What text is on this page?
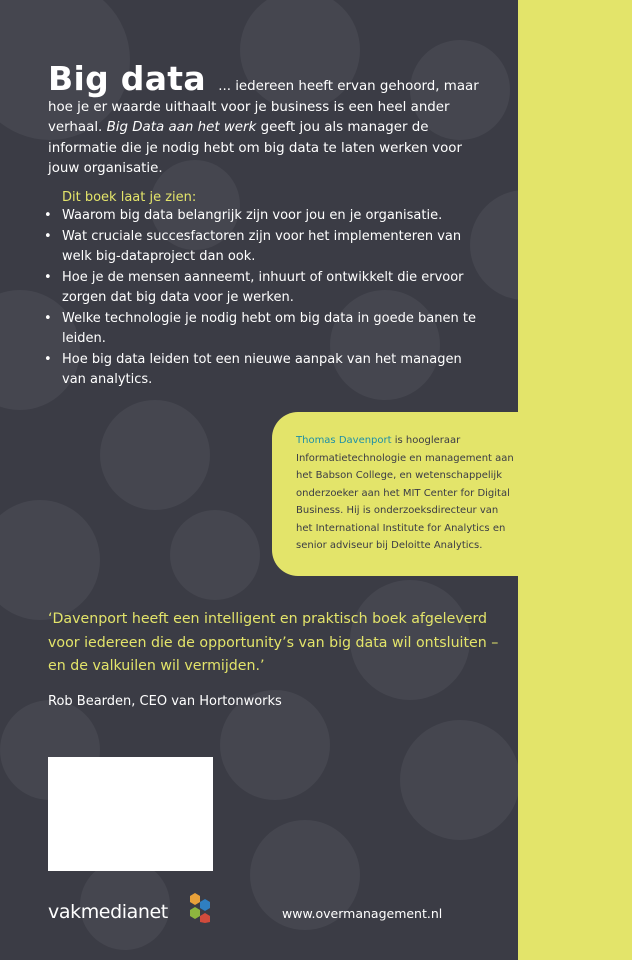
Big data ... iedereen heeft ervan gehoord, maar hoe je er waarde uithaalt voor je business is een heel ander verhaal. Big Data aan het werk geeft jou als manager de informatie die je nodig hebt om big data te laten werken voor jouw organisatie.
Dit boek laat je zien:
• Waarom big data belangrijk zijn voor jou en je organisatie.
• Wat cruciale succesfactoren zijn voor het implementeren van welk big-dataproject dan ook.
• Hoe je de mensen aanneemt, inhuurt of ontwikkelt die ervoor zorgen dat big data voor je werken.
• Welke technologie je nodig hebt om big data in goede banen te leiden.
• Hoe big data leiden tot een nieuwe aanpak van het managen van analytics.
‘Davenport heeft een intelligent en praktisch boek afgeleverd voor iedereen die de opportunity’s van big data wil ontsluiten – en de valkuilen wil vermijden.’
Rob Bearden, CEO van Hortonworks
vakmedianet	www.overmanagement.nl
Thomas Davenport is hoogleraar Informatietechnologie en management aan het Babson College, en wetenschappelijk onderzoeker aan het MIT Center for Digital Business. Hij is onderzoeksdirecteur van het International Institute for Analytics en senior adviseur bij Deloitte Analytics.
